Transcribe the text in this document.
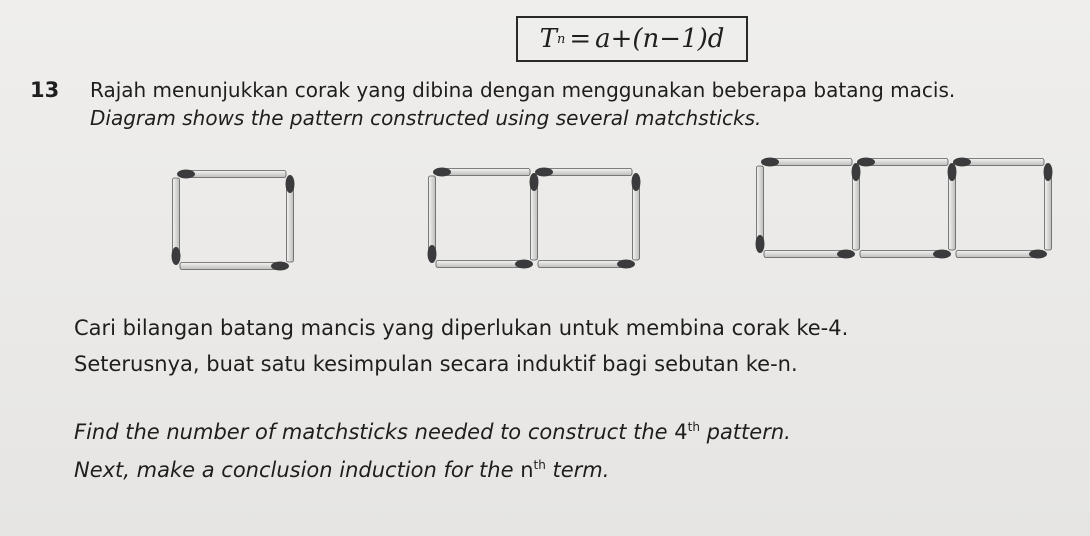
T n = a+(n−1)d
13 Rajah menunjukkan corak yang dibina dengan menggunakan beberapa batang macis.
Diagram shows the pattern constructed using several matchsticks.
Cari bilangan batang mancis yang diperlukan untuk membina corak ke-4.
Seterusnya, buat satu kesimpulan secara induktif bagi sebutan ke-n.
Find the number of matchsticks needed to construct the 4th pattern.
Next, make a conclusion induction for the $n^{th}$ term.
